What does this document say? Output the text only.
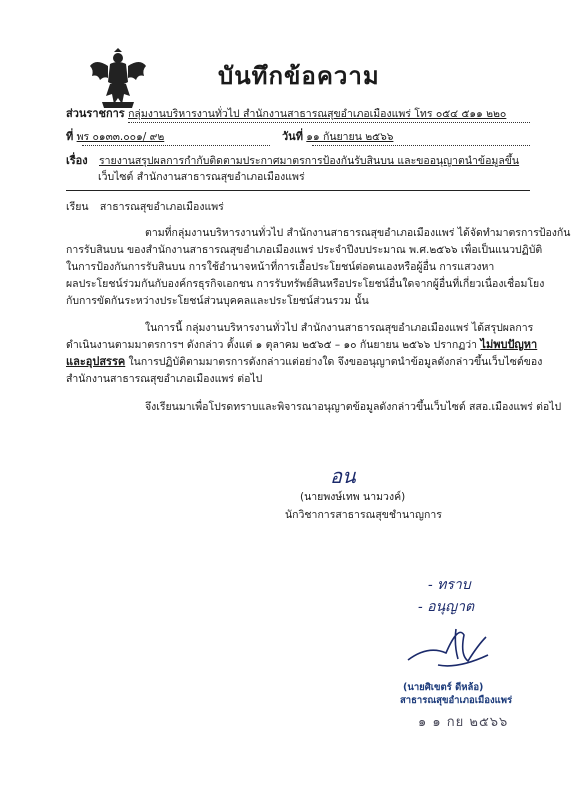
บันทึกข้อความ
ส่วนราชการ กลุ่มงานบริหารงานทั่วไป สำนักงานสาธารณสุขอำเภอเมืองแพร่ โทร ๐๕๔ ๕๑๑ ๒๒๐
ที่ พร ๐๑๓๓.๐๐๑/ ๙๒	วันที่ ๑๑ กันยายน ๒๕๖๖
เรื่อง รายงานสรุปผลการกำกับติดตามประกาศมาตรการป้องกันรับสินบน และขออนุญาตนำข้อมูลขึ้น
เว็บไซต์ สำนักงานสาธารณสุขอำเภอเมืองแพร่
เรียน สาธารณสุขอำเภอเมืองแพร่
ตามที่กลุ่มงานบริหารงานทั่วไป สำนักงานสาธารณสุขอำเภอเมืองแพร่ ได้จัดทำมาตรการป้องกัน
การรับสินบน ของสำนักงานสาธารณสุขอำเภอเมืองแพร่ ประจำปีงบประมาณ พ.ศ.๒๕๖๖ เพื่อเป็นแนวปฏิบัติ
ในการป้องกันการรับสินบน การใช้อำนาจหน้าที่การเอื้อประโยชน์ต่อตนเองหรือผู้อื่น การแสวงหา
ผลประโยชน์ร่วมกันกับองค์กรธุรกิจเอกชน การรับทรัพย์สินหรือประโยชน์อื่นใดจากผู้อื่นที่เกี่ยวเนื่องเชื่อมโยง
กับการขัดกันระหว่างประโยชน์ส่วนบุคคลและประโยชน์ส่วนรวม นั้น
ในการนี้ กลุ่มงานบริหารงานทั่วไป สำนักงานสาธารณสุขอำเภอเมืองแพร่ ได้สรุปผลการ
ดำเนินงานตามมาตรการฯ ดังกล่าว ตั้งแต่ ๑ ตุลาคม ๒๕๖๕ – ๑๐ กันยายน ๒๕๖๖ ปรากฏว่า ไม่พบปัญหา
และอุปสรรค ในการปฏิบัติตามมาตรการดังกล่าวแต่อย่างใด จึงขออนุญาตนำข้อมูลดังกล่าวขึ้นเว็บไซต์ของ
สำนักงานสาธารณสุขอำเภอเมืองแพร่ ต่อไป
จึงเรียนมาเพื่อโปรดทราบและพิจารณาอนุญาตข้อมูลดังกล่าวขึ้นเว็บไซต์ สสอ.เมืองแพร่ ต่อไป
อน
(นายพงษ์เทพ นามวงค์)
นักวิชาการสาธารณสุขชำนาญการ
- ทราบ
- อนุญาต
(นายศิเขตร์ ดีหล้อ)
สาธารณสุขอำเภอเมืองแพร่
๑ ๑ กย ๒๕๖๖
